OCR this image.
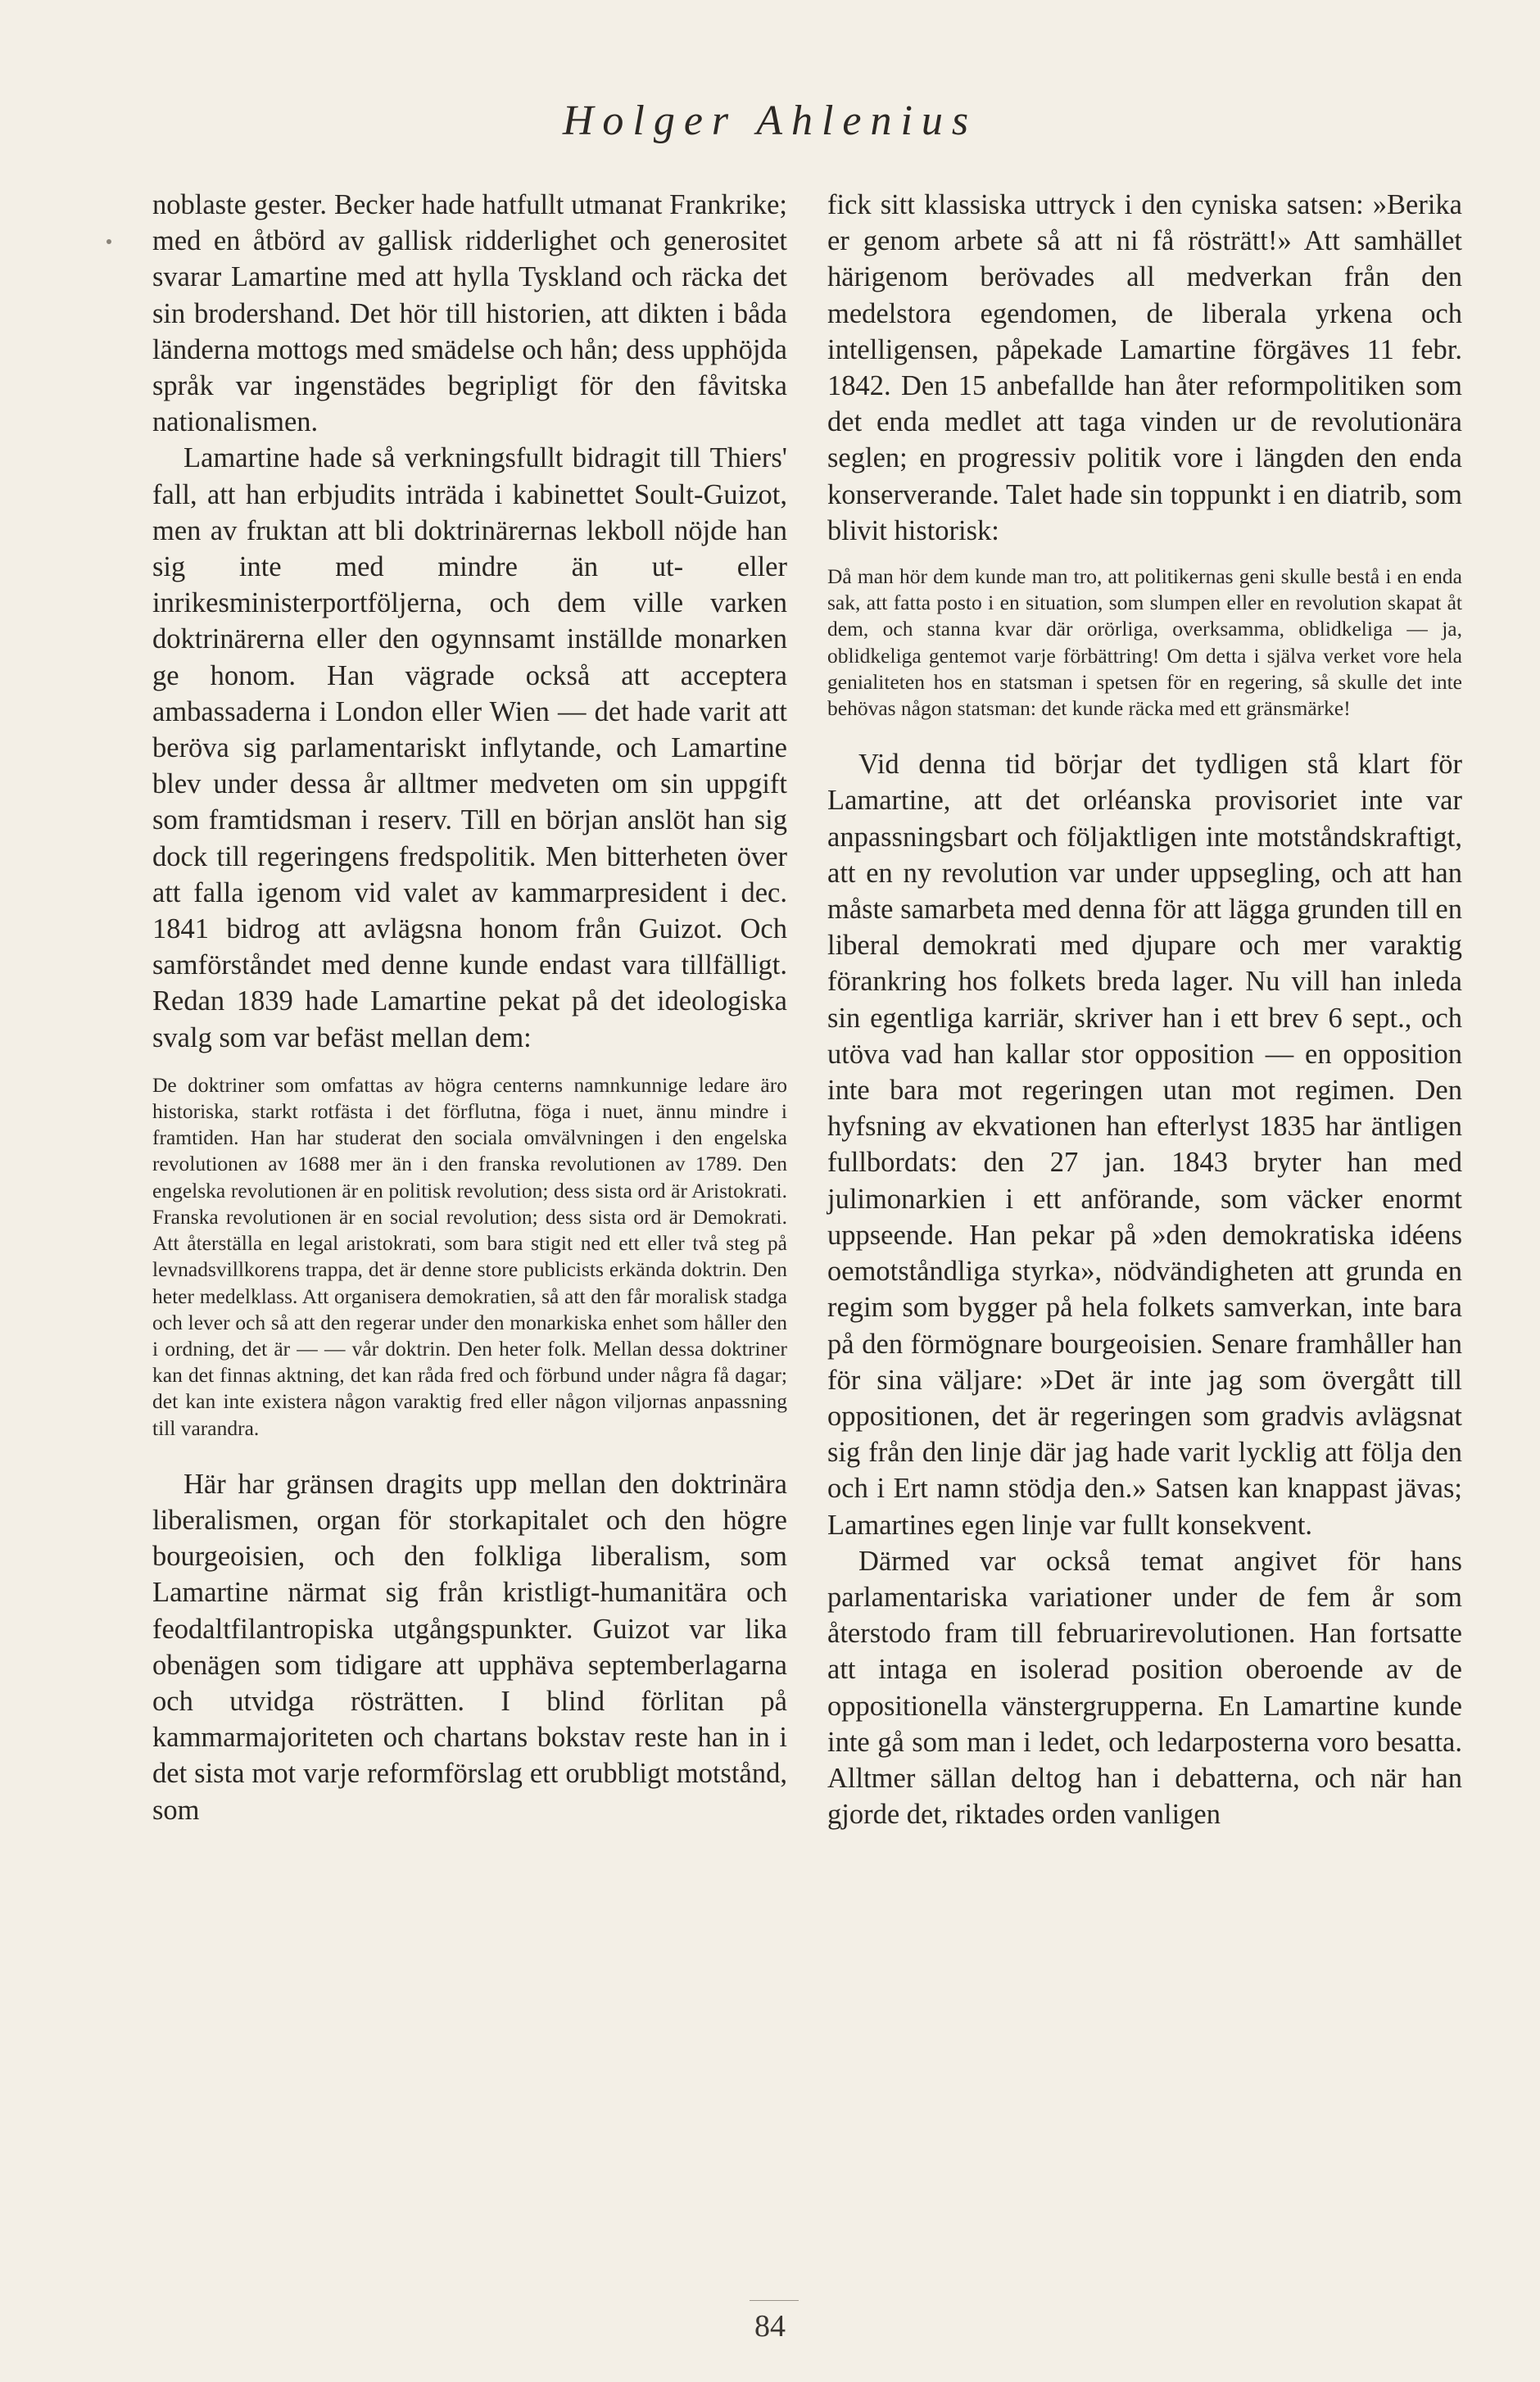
Holger Ahlenius

noblaste gester. Becker hade hatfullt utmanat Frankrike; med en åtbörd av gallisk ridderlighet och generositet svarar Lamartine med att hylla Tyskland och räcka det sin brodershand. Det hör till historien, att dikten i båda länderna mottogs med smädelse och hån; dess upphöjda språk var ingenstädes begripligt för den fåvitska nationalismen.

Lamartine hade så verkningsfullt bidragit till Thiers' fall, att han erbjudits inträda i kabinettet Soult-Guizot, men av fruktan att bli doktrinärernas lekboll nöjde han sig inte med mindre än ut- eller inrikesministerportföljerna, och dem ville varken doktrinärerna eller den ogynnsamt inställde monarken ge honom. Han vägrade också att acceptera ambassaderna i London eller Wien — det hade varit att beröva sig parlamentariskt inflytande, och Lamartine blev under dessa år alltmer medveten om sin uppgift som framtidsman i reserv. Till en början anslöt han sig dock till regeringens fredspolitik. Men bitterheten över att falla igenom vid valet av kammarpresident i dec. 1841 bidrog att avlägsna honom från Guizot. Och samförståndet med denne kunde endast vara tillfälligt. Redan 1839 hade Lamartine pekat på det ideologiska svalg som var befäst mellan dem:

De doktriner som omfattas av högra centerns namnkunnige ledare äro historiska, starkt rotfästa i det förflutna, föga i nuet, ännu mindre i framtiden. Han har studerat den sociala omvälvningen i den engelska revolutionen av 1688 mer än i den franska revolutionen av 1789. Den engelska revolutionen är en politisk revolution; dess sista ord är Aristokrati. Franska revolutionen är en social revolution; dess sista ord är Demokrati. Att återställa en legal aristokrati, som bara stigit ned ett eller två steg på levnadsvillkorens trappa, det är denne store publicists erkända doktrin. Den heter medelklass. Att organisera demokratien, så att den får moralisk stadga och lever och så att den regerar under den monarkiska enhet som håller den i ordning, det är — — vår doktrin. Den heter folk. Mellan dessa doktriner kan det finnas aktning, det kan råda fred och förbund under några få dagar; det kan inte existera någon varaktig fred eller någon viljornas anpassning till varandra.

Här har gränsen dragits upp mellan den doktrinära liberalismen, organ för storkapitalet och den högre bourgeoisien, och den folkliga liberalism, som Lamartine närmat sig från kristligt-humanitära och feodaltfilantropiska utgångspunkter. Guizot var lika obenägen som tidigare att upphäva septemberlagarna och utvidga rösträtten. I blind förlitan på kammarmajoriteten och chartans bokstav reste han in i det sista mot varje reformförslag ett orubbligt motstånd, som

fick sitt klassiska uttryck i den cyniska satsen: »Berika er genom arbete så att ni få rösträtt!» Att samhället härigenom berövades all medverkan från den medelstora egendomen, de liberala yrkena och intelligensen, påpekade Lamartine förgäves 11 febr. 1842. Den 15 anbefallde han åter reformpolitiken som det enda medlet att taga vinden ur de revolutionära seglen; en progressiv politik vore i längden den enda konserverande. Talet hade sin toppunkt i en diatrib, som blivit historisk:

Då man hör dem kunde man tro, att politikernas geni skulle bestå i en enda sak, att fatta posto i en situation, som slumpen eller en revolution skapat åt dem, och stanna kvar där orörliga, overksamma, oblidkeliga — ja, oblidkeliga gentemot varje förbättring! Om detta i själva verket vore hela genialiteten hos en statsman i spetsen för en regering, så skulle det inte behövas någon statsman: det kunde räcka med ett gränsmärke!

Vid denna tid börjar det tydligen stå klart för Lamartine, att det orléanska provisoriet inte var anpassningsbart och följaktligen inte motståndskraftigt, att en ny revolution var under uppsegling, och att han måste samarbeta med denna för att lägga grunden till en liberal demokrati med djupare och mer varaktig förankring hos folkets breda lager. Nu vill han inleda sin egentliga karriär, skriver han i ett brev 6 sept., och utöva vad han kallar stor opposition — en opposition inte bara mot regeringen utan mot regimen. Den hyfsning av ekvationen han efterlyst 1835 har äntligen fullbordats: den 27 jan. 1843 bryter han med julimonarkien i ett anförande, som väcker enormt uppseende. Han pekar på »den demokratiska idéens oemotståndliga styrka», nödvändigheten att grunda en regim som bygger på hela folkets samverkan, inte bara på den förmögnare bourgeoisien. Senare framhåller han för sina väljare: »Det är inte jag som övergått till oppositionen, det är regeringen som gradvis avlägsnat sig från den linje där jag hade varit lycklig att följa den och i Ert namn stödja den.» Satsen kan knappast jävas; Lamartines egen linje var fullt konsekvent.

Därmed var också temat angivet för hans parlamentariska variationer under de fem år som återstodo fram till februarirevolutionen. Han fortsatte att intaga en isolerad position oberoende av de oppositionella vänstergrupperna. En Lamartine kunde inte gå som man i ledet, och ledarposterna voro besatta. Alltmer sällan deltog han i debatterna, och när han gjorde det, riktades orden vanligen

84
